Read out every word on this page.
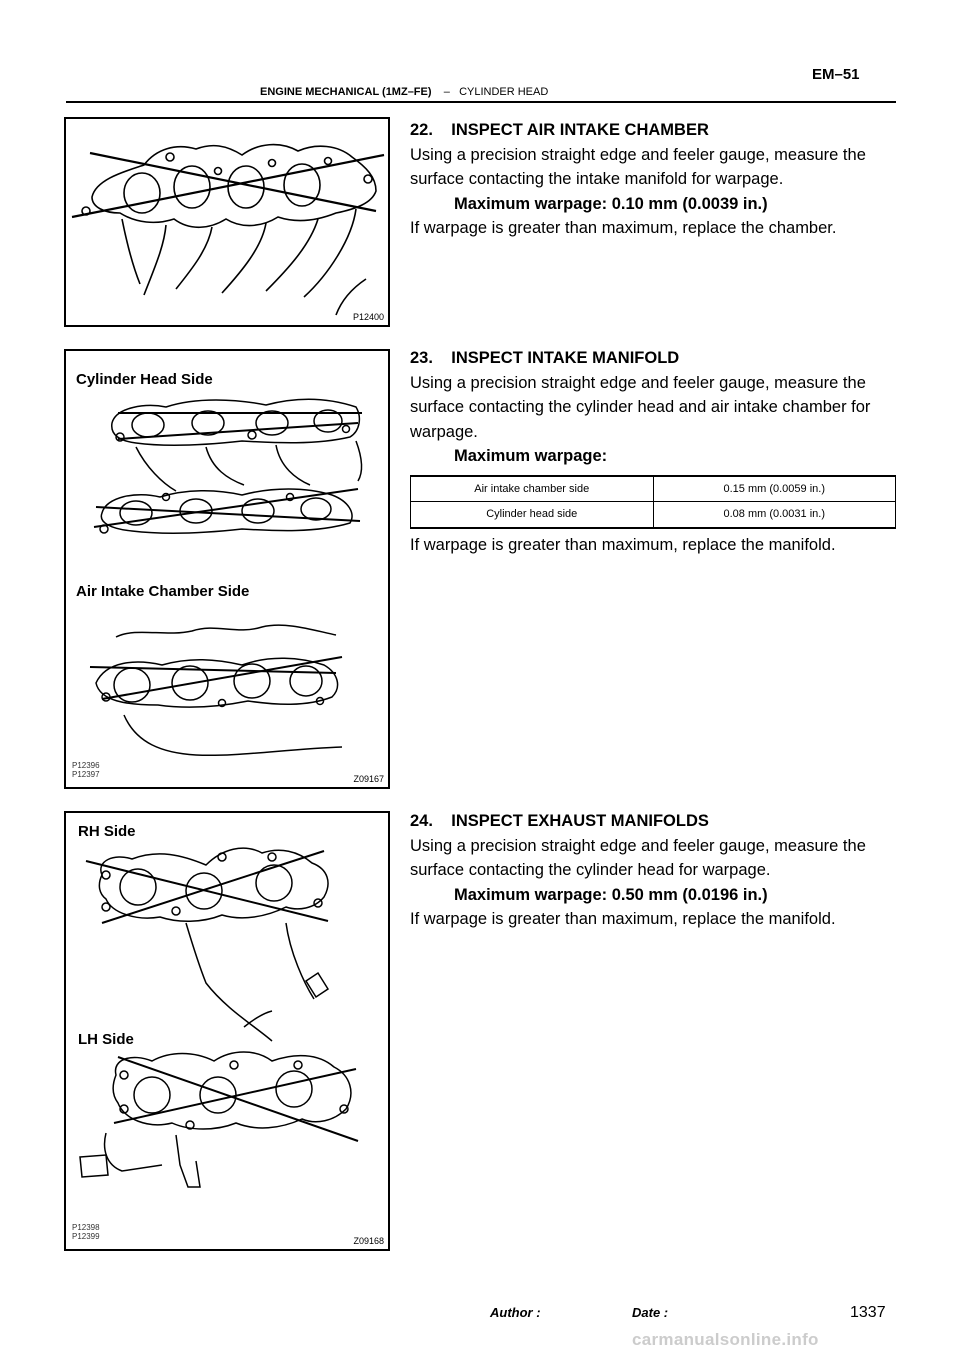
EM–51
ENGINE MECHANICAL (1MZ–FE) – CYLINDER HEAD
P12400
Cylinder Head Side
Air Intake Chamber Side
P12396
P12397	Z09167
RH Side
LH Side
P12398
P12399	Z09168
22.    INSPECT AIR INTAKE CHAMBER
Using a precision straight edge and feeler gauge, measure the
surface contacting the intake manifold for warpage.
Maximum warpage: 0.10 mm (0.0039 in.)
If warpage is greater than maximum, replace the chamber.
23.    INSPECT INTAKE MANIFOLD
Using a precision straight edge and feeler gauge, measure the
surface contacting the cylinder head and air intake chamber for
warpage.
Maximum warpage:
Air intake chamber side	0.15 mm (0.0059 in.)
Cylinder head side	0.08 mm (0.0031 in.)
If warpage is greater than maximum, replace the manifold.
24.    INSPECT EXHAUST MANIFOLDS
Using a precision straight edge and feeler gauge, measure the
surface contacting the cylinder head for warpage.
Maximum warpage: 0.50 mm (0.0196 in.)
If warpage is greater than maximum, replace the manifold.
Author :	Date :	1337
carmanualsonline.info
